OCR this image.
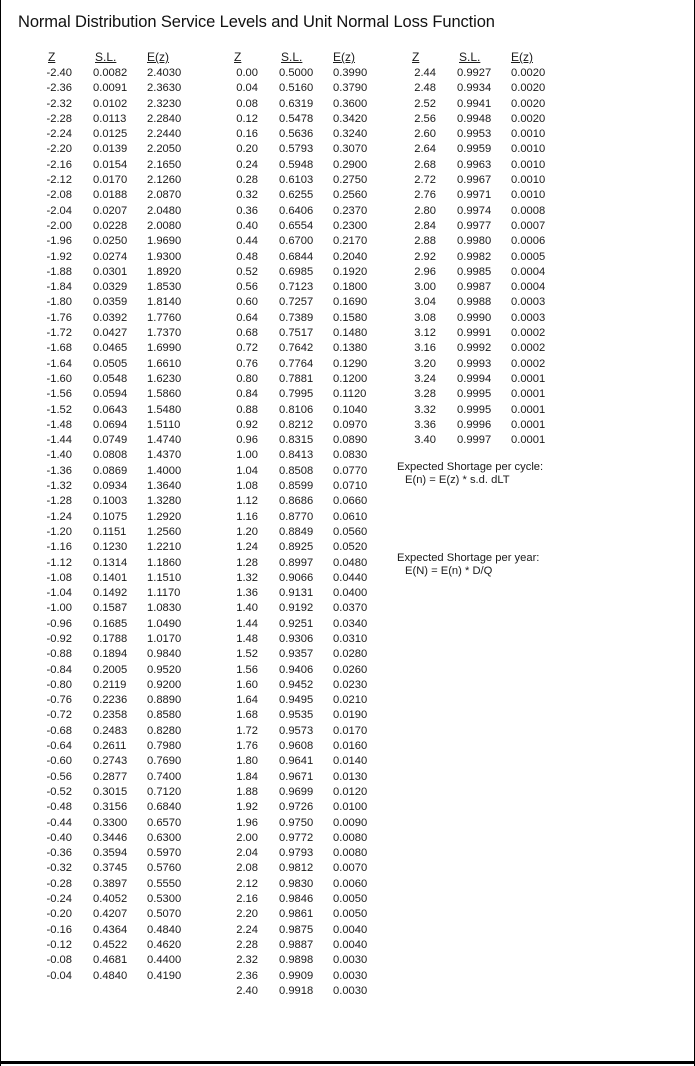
Normal Distribution Service Levels and Unit Normal Loss Function
Z	S.L.	E(z)
-2.40 0.0082 2.4030
-2.36 0.0091 2.3630
-2.32 0.0102 2.3230
-2.28 0.0113 2.2840
-2.24 0.0125 2.2440
-2.20 0.0139 2.2050
-2.16 0.0154 2.1650
-2.12 0.0170 2.1260
-2.08 0.0188 2.0870
-2.04 0.0207 2.0480
-2.00 0.0228 2.0080
-1.96 0.0250 1.9690
-1.92 0.0274 1.9300
-1.88 0.0301 1.8920
-1.84 0.0329 1.8530
-1.80 0.0359 1.8140
-1.76 0.0392 1.7760
-1.72 0.0427 1.7370
-1.68 0.0465 1.6990
-1.64 0.0505 1.6610
-1.60 0.0548 1.6230
-1.56 0.0594 1.5860
-1.52 0.0643 1.5480
-1.48 0.0694 1.5110
-1.44 0.0749 1.4740
-1.40 0.0808 1.4370
-1.36 0.0869 1.4000
-1.32 0.0934 1.3640
-1.28 0.1003 1.3280
-1.24 0.1075 1.2920
-1.20 0.1151 1.2560
-1.16 0.1230 1.2210
-1.12 0.1314 1.1860
-1.08 0.1401 1.1510
-1.04 0.1492 1.1170
-1.00 0.1587 1.0830
-0.96 0.1685 1.0490
-0.92 0.1788 1.0170
-0.88 0.1894 0.9840
-0.84 0.2005 0.9520
-0.80 0.2119 0.9200
-0.76 0.2236 0.8890
-0.72 0.2358 0.8580
-0.68 0.2483 0.8280
-0.64 0.2611 0.7980
-0.60 0.2743 0.7690
-0.56 0.2877 0.7400
-0.52 0.3015 0.7120
-0.48 0.3156 0.6840
-0.44 0.3300 0.6570
-0.40 0.3446 0.6300
-0.36 0.3594 0.5970
-0.32 0.3745 0.5760
-0.28 0.3897 0.5550
-0.24 0.4052 0.5300
-0.20 0.4207 0.5070
-0.16 0.4364 0.4840
-0.12 0.4522 0.4620
-0.08 0.4681 0.4400
-0.04 0.4840 0.4190
Z	S.L.	E(z)
0.00 0.5000 0.3990
0.04 0.5160 0.3790
0.08 0.6319 0.3600
0.12 0.5478 0.3420
0.16 0.5636 0.3240
0.20 0.5793 0.3070
0.24 0.5948 0.2900
0.28 0.6103 0.2750
0.32 0.6255 0.2560
0.36 0.6406 0.2370
0.40 0.6554 0.2300
0.44 0.6700 0.2170
0.48 0.6844 0.2040
0.52 0.6985 0.1920
0.56 0.7123 0.1800
0.60 0.7257 0.1690
0.64 0.7389 0.1580
0.68 0.7517 0.1480
0.72 0.7642 0.1380
0.76 0.7764 0.1290
0.80 0.7881 0.1200
0.84 0.7995 0.1120
0.88 0.8106 0.1040
0.92 0.8212 0.0970
0.96 0.8315 0.0890
1.00 0.8413 0.0830
1.04 0.8508 0.0770
1.08 0.8599 0.0710
1.12 0.8686 0.0660
1.16 0.8770 0.0610
1.20 0.8849 0.0560
1.24 0.8925 0.0520
1.28 0.8997 0.0480
1.32 0.9066 0.0440
1.36 0.9131 0.0400
1.40 0.9192 0.0370
1.44 0.9251 0.0340
1.48 0.9306 0.0310
1.52 0.9357 0.0280
1.56 0.9406 0.0260
1.60 0.9452 0.0230
1.64 0.9495 0.0210
1.68 0.9535 0.0190
1.72 0.9573 0.0170
1.76 0.9608 0.0160
1.80 0.9641 0.0140
1.84 0.9671 0.0130
1.88 0.9699 0.0120
1.92 0.9726 0.0100
1.96 0.9750 0.0090
2.00 0.9772 0.0080
2.04 0.9793 0.0080
2.08 0.9812 0.0070
2.12 0.9830 0.0060
2.16 0.9846 0.0050
2.20 0.9861 0.0050
2.24 0.9875 0.0040
2.28 0.9887 0.0040
2.32 0.9898 0.0030
2.36 0.9909 0.0030
2.40 0.9918 0.0030
Z	S.L.	E(z)
2.44 0.9927 0.0020
2.48 0.9934 0.0020
2.52 0.9941 0.0020
2.56 0.9948 0.0020
2.60 0.9953 0.0010
2.64 0.9959 0.0010
2.68 0.9963 0.0010
2.72 0.9967 0.0010
2.76 0.9971 0.0010
2.80 0.9974 0.0008
2.84 0.9977 0.0007
2.88 0.9980 0.0006
2.92 0.9982 0.0005
2.96 0.9985 0.0004
3.00 0.9987 0.0004
3.04 0.9988 0.0003
3.08 0.9990 0.0003
3.12 0.9991 0.0002
3.16 0.9992 0.0002
3.20 0.9993 0.0002
3.24 0.9994 0.0001
3.28 0.9995 0.0001
3.32 0.9995 0.0001
3.36 0.9996 0.0001
3.40 0.9997 0.0001
Expected Shortage per cycle:
E(n) = E(z) * s.d. dLT
Expected Shortage per year:
E(N) = E(n) * D/Q
